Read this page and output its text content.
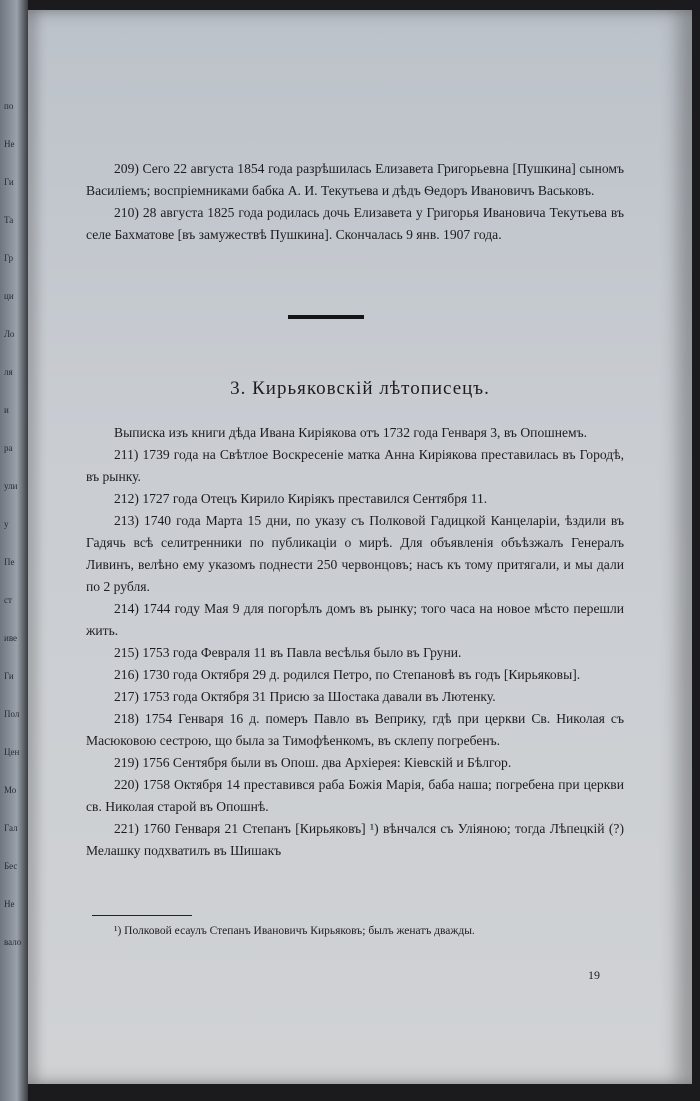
по
Не
Ги
Та
Гр
ци
Ло
ля
и
ра
ули
у
Пе
ст
иве
Ги
Пол
Цен
Мо
Гал
Бес
Не
вало

209) Сего 22 августа 1854 года разрѣшилась Елизавета Григорьевна [Пушкина] сыномъ Василіемъ; воспріемниками бабка А. И. Текутьева и дѣдъ Ѳедоръ Ивановичъ Васьковъ.

210) 28 августа 1825 года родилась дочь Елизавета у Григорья Ивановича Текутьева въ селе Бахматове [въ замужествѣ Пушкина]. Скончалась 9 янв. 1907 года.

3. Кирьяковскій лѣтописецъ.

Выписка изъ книги дѣда Ивана Киріякова отъ 1732 года Генваря 3, въ Опошнемъ.

211) 1739 года на Свѣтлое Воскресеніе матка Анна Киріякова преставилась въ Городѣ, въ рынку.

212) 1727 года Отецъ Кирило Киріякъ преставился Сентября 11.

213) 1740 года Марта 15 дни, по указу съ Полковой Гадицкой Канцеларіи, ѣздили въ Гадячь всѣ селитренники по публикаціи о мирѣ. Для объявленія объѣзжалъ Генералъ Ливинъ, велѣно ему указомъ поднести 250 червонцовъ; насъ къ тому притягали, и мы дали по 2 рубля.

214) 1744 году Мая 9 для погорѣлъ домъ въ рынку; того часа на новое мѣсто перешли жить.

215) 1753 года Февраля 11 въ Павла весѣлья было въ Груни.

216) 1730 года Октября 29 д. родился Петро, по Степановѣ въ годъ [Кирьяковы].

217) 1753 года Октября 31 Присю за Шостака давали въ Лютенку.

218) 1754 Генваря 16 д. померъ Павло въ Веприку, гдѣ при церкви Св. Николая съ Масюковою сестрою, що была за Тимофѣенкомъ, въ склепу погребенъ.

219) 1756 Сентября были въ Опош. два Архіерея: Кіевскій и Бѣлгор.

220) 1758 Октября 14 преставився раба Божія Марія, баба наша; погребена при церкви св. Николая старой въ Опошнѣ.

221) 1760 Генваря 21 Степанъ [Кирьяковъ] ¹) вѣнчался съ Уліяною; тогда Лѣпецкій (?) Мелашку подхватилъ въ Шишакъ

¹) Полковой есаулъ Степанъ Ивановичъ Кирьяковъ; былъ женатъ дважды.
19
